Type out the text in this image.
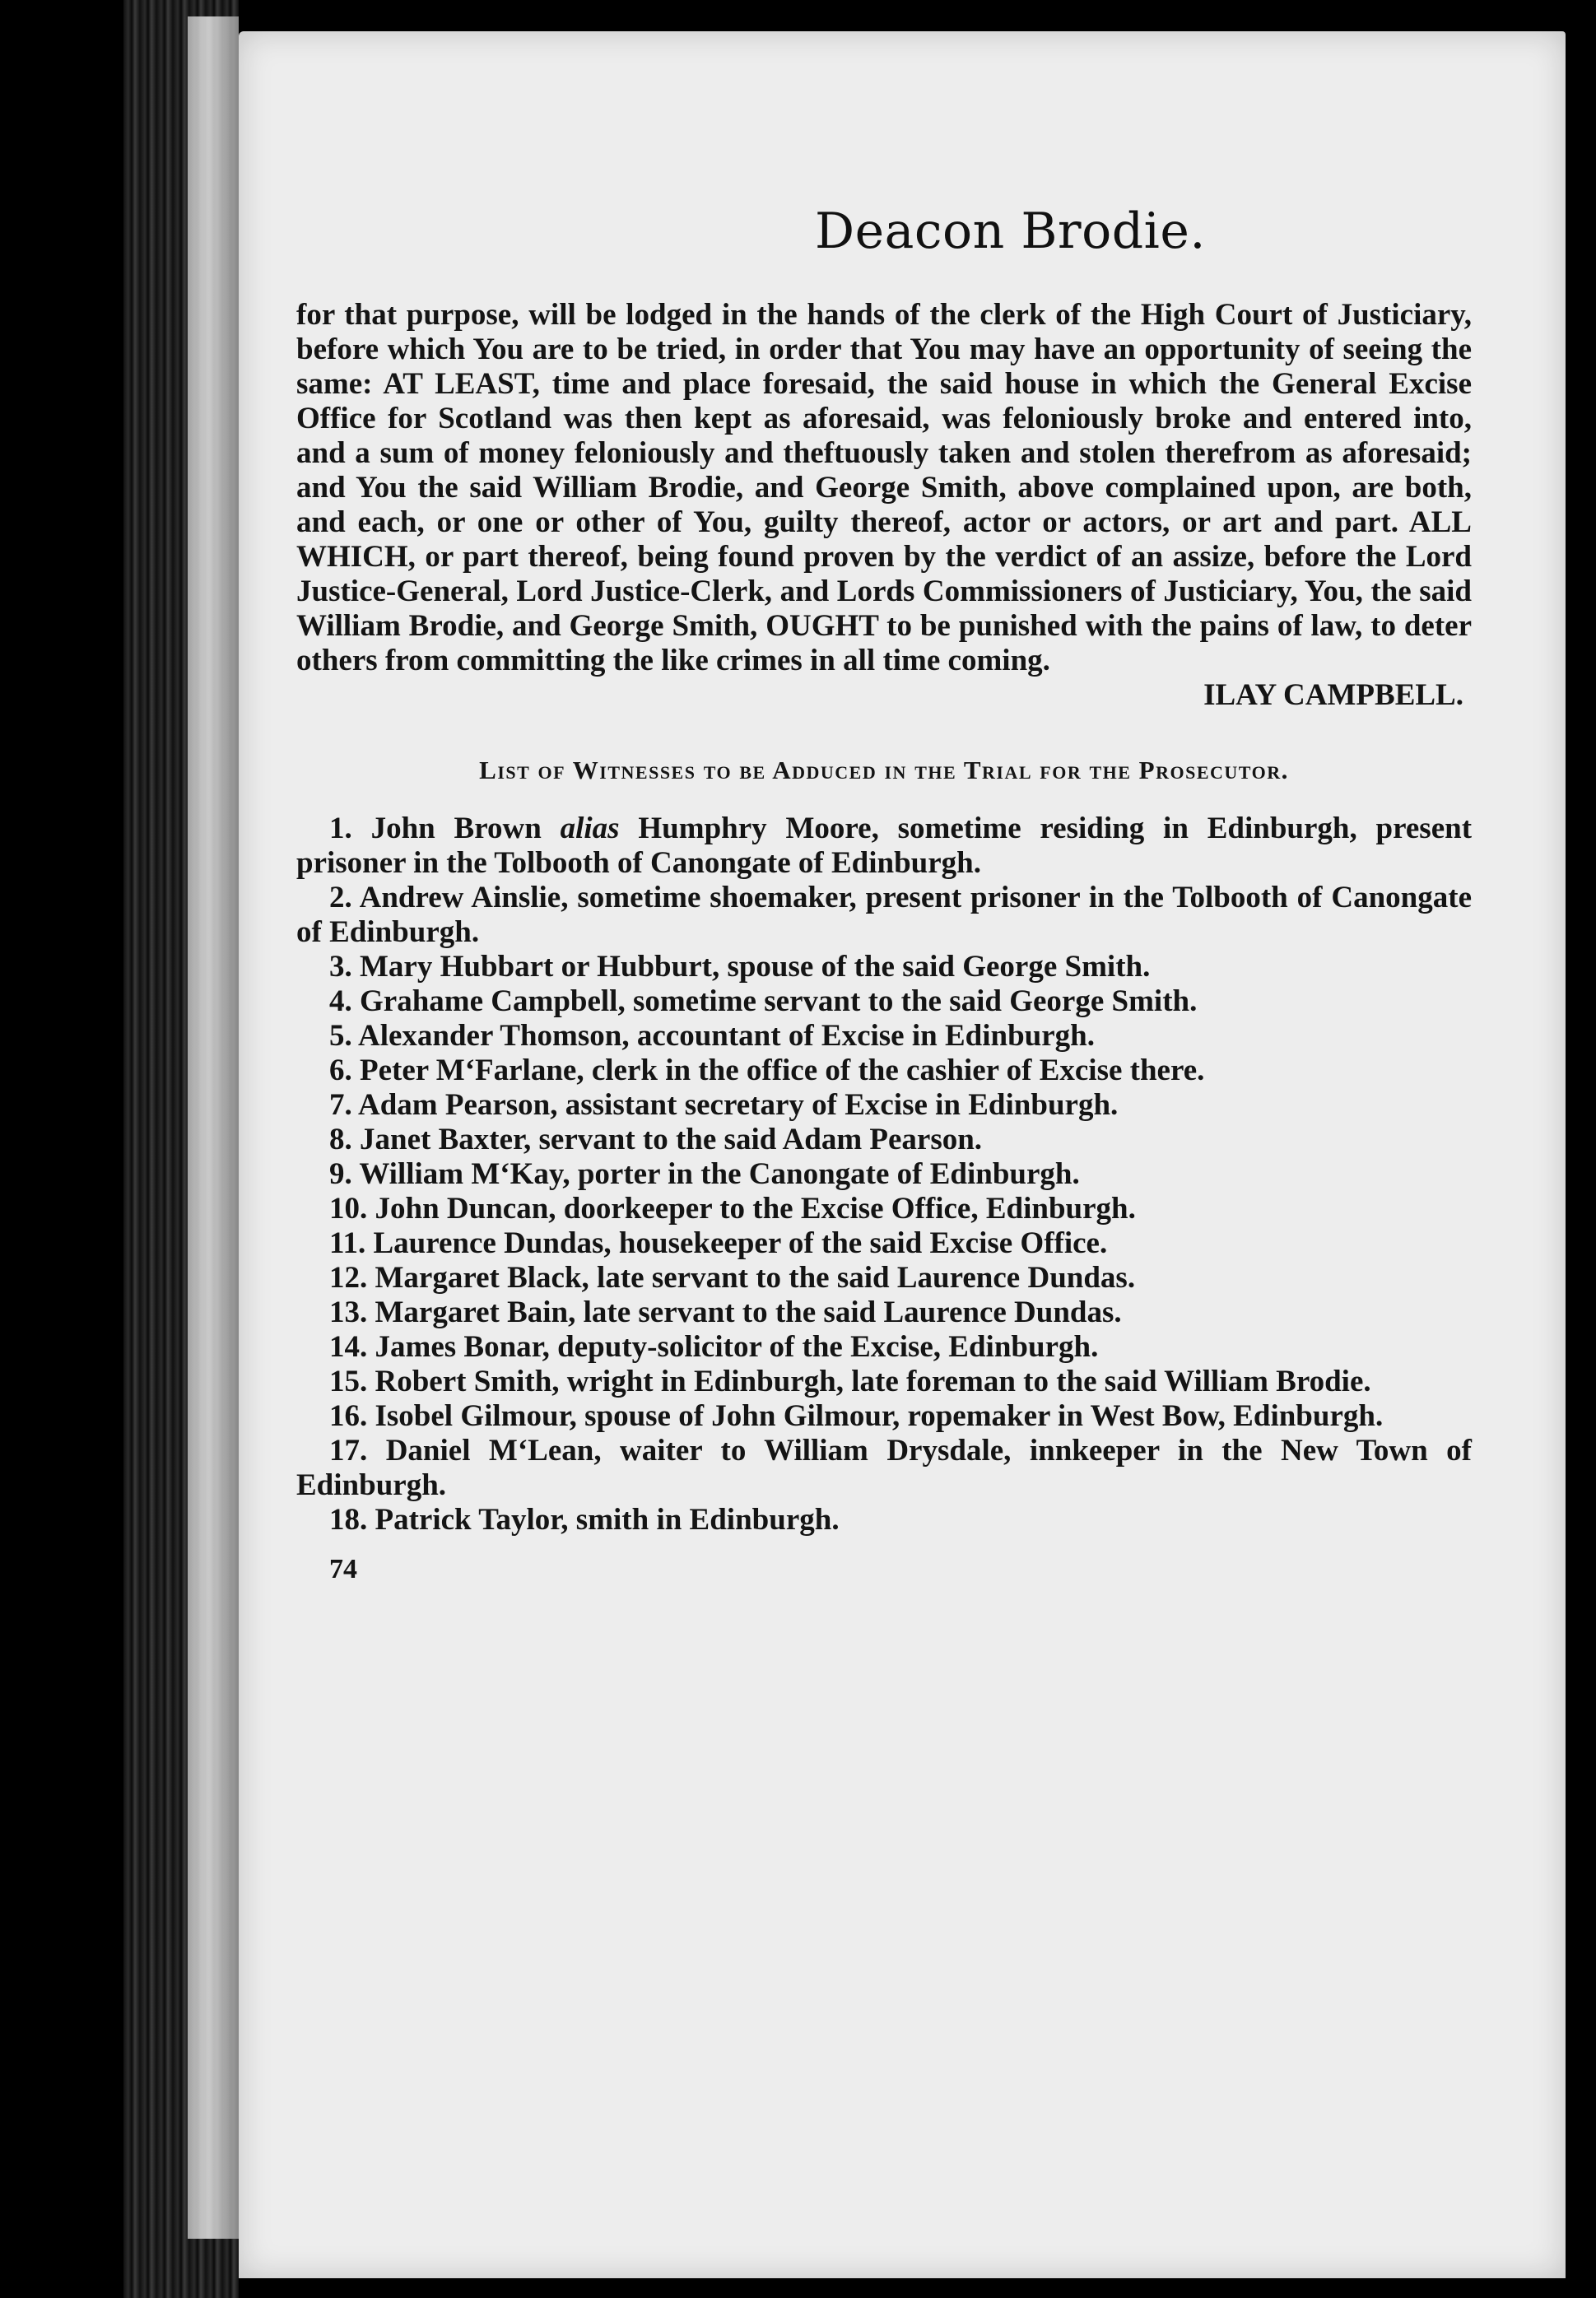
Deacon Brodie.

for that purpose, will be lodged in the hands of the clerk of the High Court of Justiciary, before which You are to be tried, in order that You may have an opportunity of seeing the same: AT LEAST, time and place foresaid, the said house in which the General Excise Office for Scotland was then kept as aforesaid, was feloniously broke and entered into, and a sum of money feloniously and theftuously taken and stolen therefrom as aforesaid; and You the said William Brodie, and George Smith, above complained upon, are both, and each, or one or other of You, guilty thereof, actor or actors, or art and part. ALL WHICH, or part thereof, being found proven by the verdict of an assize, before the Lord Justice-General, Lord Justice-Clerk, and Lords Commissioners of Justiciary, You, the said William Brodie, and George Smith, OUGHT to be punished with the pains of law, to deter others from committing the like crimes in all time coming.

ILAY CAMPBELL.

List of Witnesses to be Adduced in the Trial for the Prosecutor.

1. John Brown alias Humphry Moore, sometime residing in Edinburgh, present prisoner in the Tolbooth of Canongate of Edinburgh.
2. Andrew Ainslie, sometime shoemaker, present prisoner in the Tolbooth of Canongate of Edinburgh.
3. Mary Hubbart or Hubburt, spouse of the said George Smith.
4. Grahame Campbell, sometime servant to the said George Smith.
5. Alexander Thomson, accountant of Excise in Edinburgh.
6. Peter M‘Farlane, clerk in the office of the cashier of Excise there.
7. Adam Pearson, assistant secretary of Excise in Edinburgh.
8. Janet Baxter, servant to the said Adam Pearson.
9. William M‘Kay, porter in the Canongate of Edinburgh.
10. John Duncan, doorkeeper to the Excise Office, Edinburgh.
11. Laurence Dundas, housekeeper of the said Excise Office.
12. Margaret Black, late servant to the said Laurence Dundas.
13. Margaret Bain, late servant to the said Laurence Dundas.
14. James Bonar, deputy-solicitor of the Excise, Edinburgh.
15. Robert Smith, wright in Edinburgh, late foreman to the said William Brodie.
16. Isobel Gilmour, spouse of John Gilmour, ropemaker in West Bow, Edinburgh.
17. Daniel M‘Lean, waiter to William Drysdale, innkeeper in the New Town of Edinburgh.
18. Patrick Taylor, smith in Edinburgh.
74
